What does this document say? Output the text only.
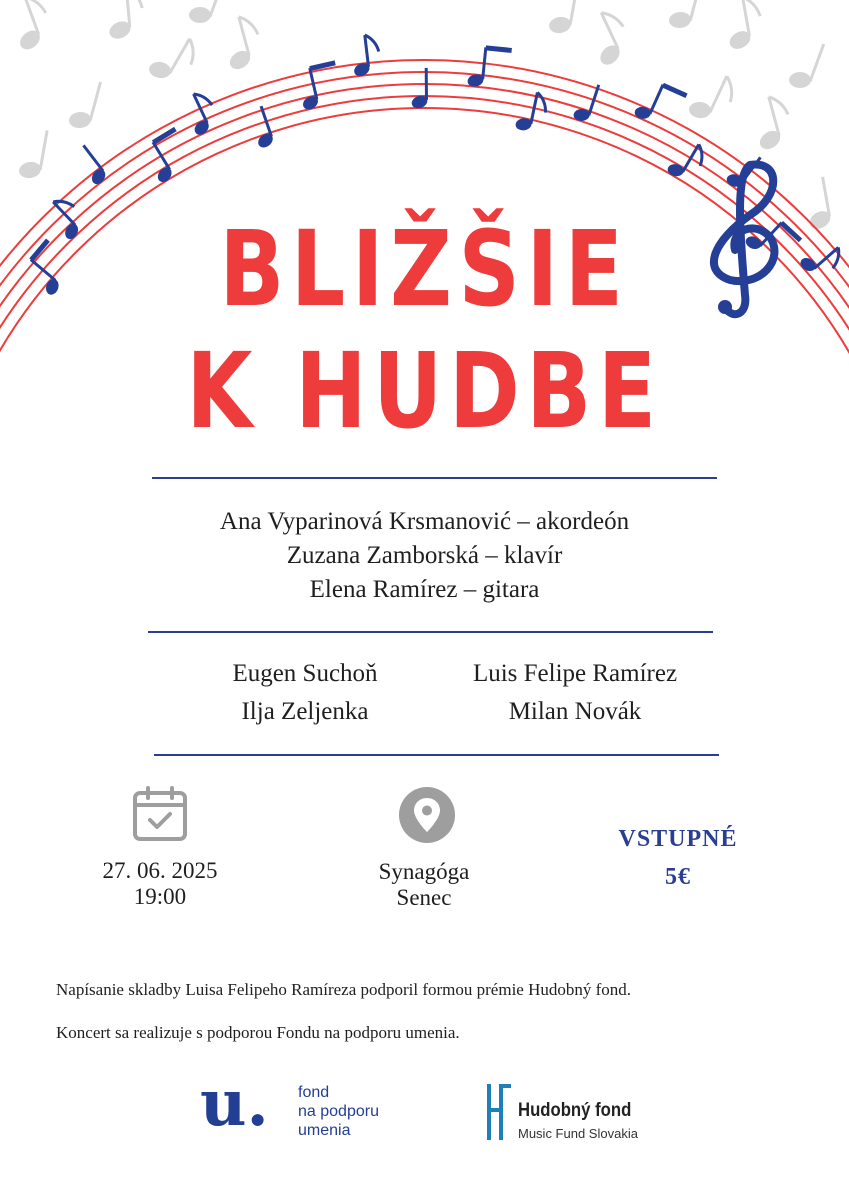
BLIŽŠIE
K HUDBE
Ana Vyparinová Krsmanović – akordeón
Zuzana Zamborská – klavír
Elena Ramírez – gitara
Eugen Suchoň
Ilja Zeljenka
Luis Felipe Ramírez
Milan Novák
27. 06. 2025
19:00
Synagóga
Senec
VSTUPNÉ
5€
Napísanie skladby Luisa Felipeho Ramíreza podporil formou prémie Hudobný fond.
Koncert sa realizuje s podporou Fondu na podporu umenia.
u. fond
na podporu
umenia
Hudobný fond
Music Fund Slovakia
